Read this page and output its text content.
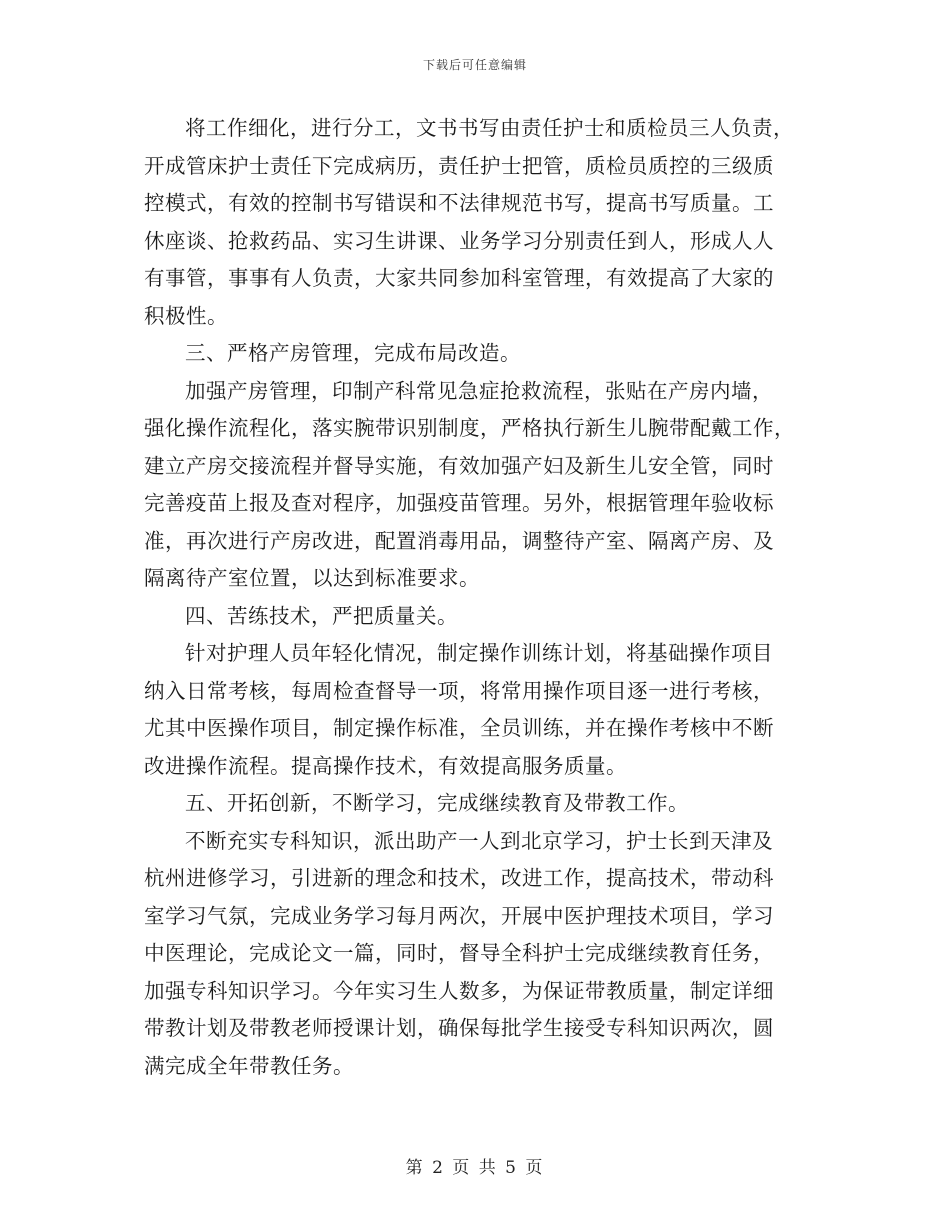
下载后可任意编辑

将工作细化，进行分工，文书书写由责任护士和质检员三人负责，
开成管床护士责任下完成病历，责任护士把管，质检员质控的三级质
控模式，有效的控制书写错误和不法律规范书写，提高书写质量。工
休座谈、抢救药品、实习生讲课、业务学习分别责任到人，形成人人
有事管，事事有人负责，大家共同参加科室管理，有效提高了大家的
积极性。

三、严格产房管理，完成布局改造。

加强产房管理，印制产科常见急症抢救流程，张贴在产房内墙，
强化操作流程化，落实腕带识别制度，严格执行新生儿腕带配戴工作，
建立产房交接流程并督导实施，有效加强产妇及新生儿安全管，同时
完善疫苗上报及查对程序，加强疫苗管理。另外，根据管理年验收标
准，再次进行产房改进，配置消毒用品，调整待产室、隔离产房、及
隔离待产室位置，以达到标准要求。

四、苦练技术，严把质量关。

针对护理人员年轻化情况，制定操作训练计划，将基础操作项目
纳入日常考核，每周检查督导一项，将常用操作项目逐一进行考核，
尤其中医操作项目，制定操作标准，全员训练，并在操作考核中不断
改进操作流程。提高操作技术，有效提高服务质量。

五、开拓创新，不断学习，完成继续教育及带教工作。

不断充实专科知识，派出助产一人到北京学习，护士长到天津及
杭州进修学习，引进新的理念和技术，改进工作，提高技术，带动科
室学习气氛，完成业务学习每月两次，开展中医护理技术项目，学习
中医理论，完成论文一篇，同时，督导全科护士完成继续教育任务，
加强专科知识学习。今年实习生人数多，为保证带教质量，制定详细
带教计划及带教老师授课计划，确保每批学生接受专科知识两次，圆
满完成全年带教任务。

第 2 页 共 5 页
